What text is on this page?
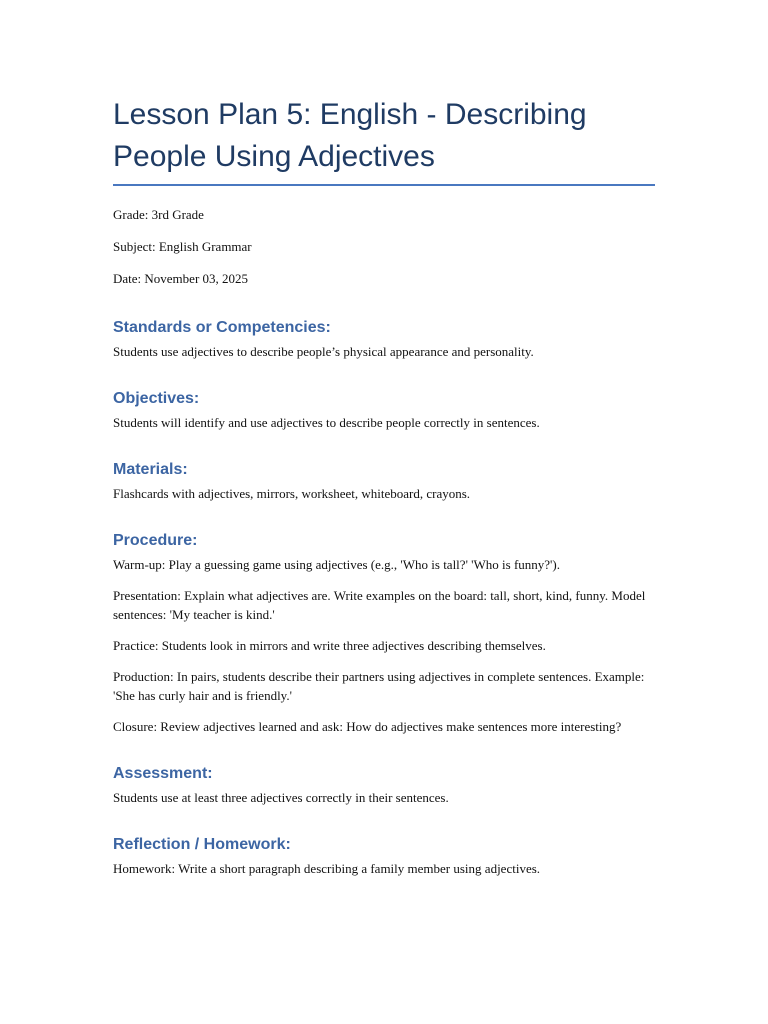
Lesson Plan 5: English - Describing People Using Adjectives

Grade: 3rd Grade

Subject: English Grammar

Date: November 03, 2025

Standards or Competencies:

Students use adjectives to describe people’s physical appearance and personality.

Objectives:

Students will identify and use adjectives to describe people correctly in sentences.

Materials:

Flashcards with adjectives, mirrors, worksheet, whiteboard, crayons.

Procedure:

Warm-up: Play a guessing game using adjectives (e.g., 'Who is tall?' 'Who is funny?').

Presentation: Explain what adjectives are. Write examples on the board: tall, short, kind, funny. Model sentences: 'My teacher is kind.'

Practice: Students look in mirrors and write three adjectives describing themselves.

Production: In pairs, students describe their partners using adjectives in complete sentences. Example: 'She has curly hair and is friendly.'

Closure: Review adjectives learned and ask: How do adjectives make sentences more interesting?

Assessment:

Students use at least three adjectives correctly in their sentences.

Reflection / Homework:

Homework: Write a short paragraph describing a family member using adjectives.
